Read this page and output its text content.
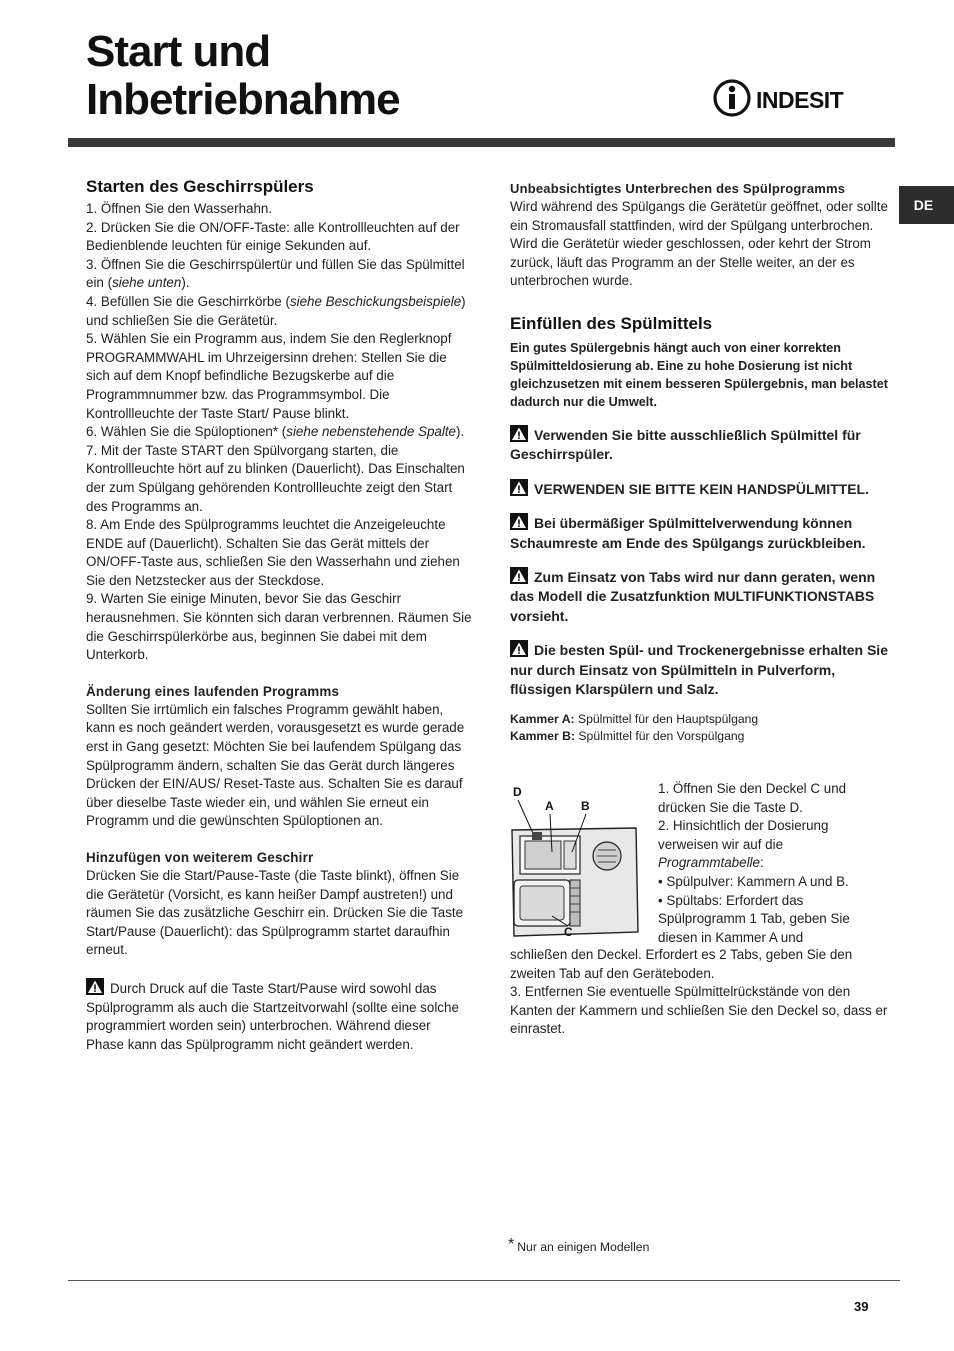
Start und
Inbetriebnahme	INDESIT
DE

Starten des Geschirrspülers

1. Öffnen Sie den Wasserhahn.

2. Drücken Sie die ON/OFF-Taste: alle Kontrollleuchten auf der Bedienblende leuchten für einige Sekunden auf.

3. Öffnen Sie die Geschirrspülertür und füllen Sie das Spülmittel ein (siehe unten).

4. Befüllen Sie die Geschirrkörbe (siehe Beschickungsbeispiele) und schließen Sie die Gerätetür.

5. Wählen Sie ein Programm aus, indem Sie den Reglerknopf PROGRAMMWAHL im Uhrzeigersinn drehen: Stellen Sie die sich auf dem Knopf befindliche Bezugskerbe auf die Programmnummer bzw. das Programmsymbol. Die Kontrollleuchte der Taste Start/ Pause blinkt.

6. Wählen Sie die Spüloptionen* (siehe nebenstehende Spalte).

7. Mit der Taste START den Spülvorgang starten, die Kontrollleuchte hört auf zu blinken (Dauerlicht). Das Einschalten der zum Spülgang gehörenden Kontrollleuchte zeigt den Start des Programms an.

8. Am Ende des Spülprogramms leuchtet die Anzeigeleuchte ENDE auf (Dauerlicht). Schalten Sie das Gerät mittels der ON/OFF-Taste aus, schließen Sie den Wasserhahn und ziehen Sie den Netzstecker aus der Steckdose.

9. Warten Sie einige Minuten, bevor Sie das Geschirr herausnehmen. Sie könnten sich daran verbrennen. Räumen Sie die Geschirrspülerkörbe aus, beginnen Sie dabei mit dem Unterkorb.

Änderung eines laufenden Programms

Sollten Sie irrtümlich ein falsches Programm gewählt haben, kann es noch geändert werden, vorausgesetzt es wurde gerade erst in Gang gesetzt: Möchten Sie bei laufendem Spülgang das Spülprogramm ändern, schalten Sie das Gerät durch längeres Drücken der EIN/AUS/ Reset-Taste aus. Schalten Sie es darauf über dieselbe Taste wieder ein, und wählen Sie erneut ein Programm und die gewünschten Spüloptionen an.

Hinzufügen von weiterem Geschirr

Drücken Sie die Start/Pause-Taste (die Taste blinkt), öffnen Sie die Gerätetür (Vorsicht, es kann heißer Dampf austreten!) und räumen Sie das zusätzliche Geschirr ein. Drücken Sie die Taste Start/Pause (Dauerlicht): das Spülprogramm startet daraufhin erneut.

Durch Druck auf die Taste Start/Pause wird sowohl das Spülprogramm als auch die Startzeitvorwahl (sollte eine solche programmiert worden sein) unterbrochen. Während dieser Phase kann das Spülprogramm nicht geändert werden.

Unbeabsichtigtes Unterbrechen des Spülprogramms

Wird während des Spülgangs die Gerätetür geöffnet, oder sollte ein Stromausfall stattfinden, wird der Spülgang unterbrochen. Wird die Gerätetür wieder geschlossen, oder kehrt der Strom zurück, läuft das Programm an der Stelle weiter, an der es unterbrochen wurde.

Einfüllen des Spülmittels

Ein gutes Spülergebnis hängt auch von einer korrekten Spülmitteldosierung ab. Eine zu hohe Dosierung ist nicht gleichzusetzen mit einem besseren Spülergebnis, man belastet dadurch nur die Umwelt.

Verwenden Sie bitte ausschließlich Spülmittel für Geschirrspüler.

VERWENDEN SIE BITTE KEIN HANDSPÜLMITTEL.

Bei übermäßiger Spülmittelverwendung können Schaumreste am Ende des Spülgangs zurückbleiben.

Zum Einsatz von Tabs wird nur dann geraten, wenn das Modell die Zusatzfunktion MULTIFUNKTIONSTABS vorsieht.

Die besten Spül- und Trockenergebnisse erhalten Sie nur durch Einsatz von Spülmitteln in Pulverform, flüssigen Klarspülern und Salz.

Kammer A: Spülmittel für den Hauptspülgang

Kammer B: Spülmittel für den Vorspülgang

D
A B
C

1. Öffnen Sie den Deckel C und drücken Sie die Taste D.

2. Hinsichtlich der Dosierung verweisen wir auf die Programmtabelle:

• Spülpulver: Kammern A und B.

• Spültabs: Erfordert das Spülprogramm 1 Tab, geben Sie diesen in Kammer A und

schließen den Deckel. Erfordert es 2 Tabs, geben Sie den zweiten Tab auf den Geräteboden.

3. Entfernen Sie eventuelle Spülmittelrückstände von den Kanten der Kammern und schließen Sie den Deckel so, dass er einrastet.

* Nur an einigen Modellen
39
